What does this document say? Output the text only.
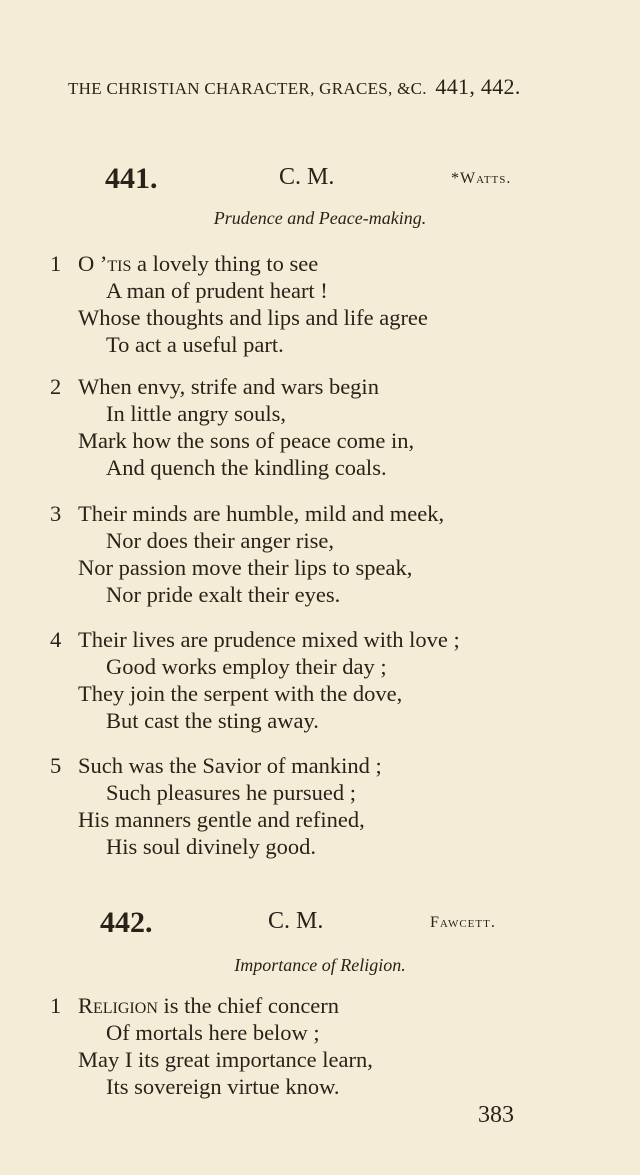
THE CHRISTIAN CHARACTER, GRACES, &C. 441, 442.
441.	C. M.	*Watts.
Prudence and Peace-making.
1 O ’tis a lovely thing to see
A man of prudent heart !
Whose thoughts and lips and life agree
To act a useful part.
2 When envy, strife and wars begin
In little angry souls,
Mark how the sons of peace come in,
And quench the kindling coals.
3 Their minds are humble, mild and meek,
Nor does their anger rise,
Nor passion move their lips to speak,
Nor pride exalt their eyes.
4 Their lives are prudence mixed with love ;
Good works employ their day ;
They join the serpent with the dove,
But cast the sting away.
5 Such was the Savior of mankind ;
Such pleasures he pursued ;
His manners gentle and refined,
His soul divinely good.
442.	C. M.	Fawcett.
Importance of Religion.
1 Religion is the chief concern
Of mortals here below ;
May I its great importance learn,
Its sovereign virtue know.
383
